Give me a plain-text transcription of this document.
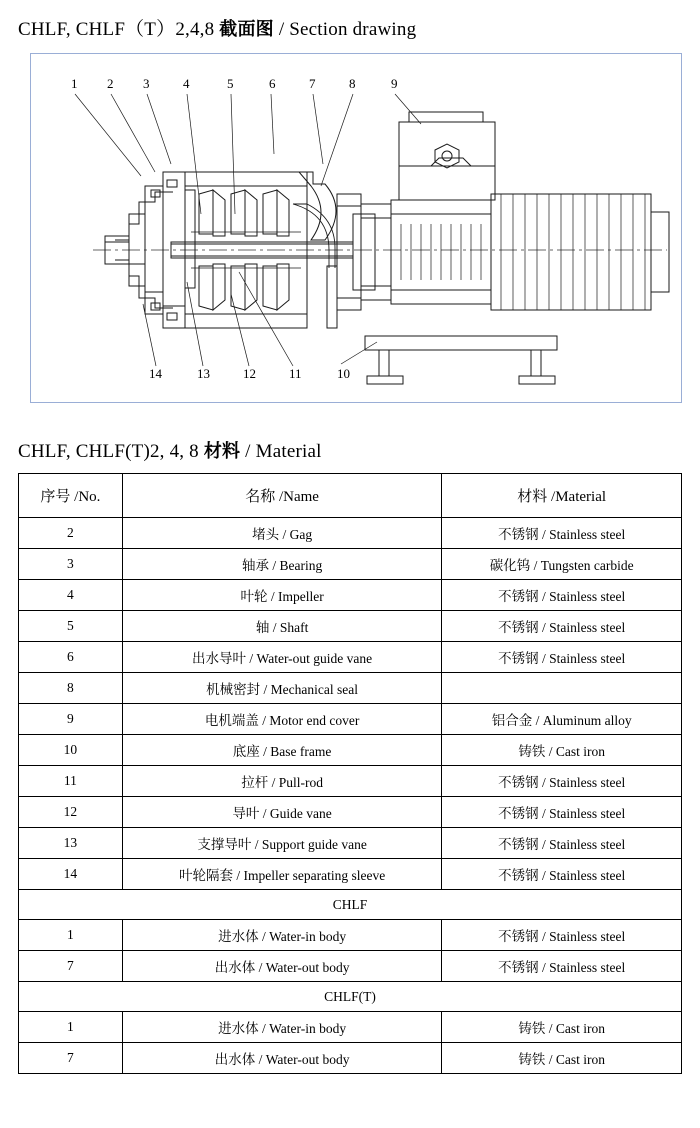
CHLF, CHLF（T）2,4,8 截面图 / Section drawing
1 2 3	4	5	6	7	8	9
14	13	12	11	10
CHLF, CHLF(T)2, 4, 8 材料 / Material
序号 /No.	名称 /Name	材料 /Material
2	堵头 / Gag	不锈钢 / Stainless steel
3	轴承 / Bearing	碳化钨 / Tungsten carbide
4	叶轮 / Impeller	不锈钢 / Stainless steel
5	轴 / Shaft	不锈钢 / Stainless steel
6	出水导叶 / Water-out guide vane	不锈钢 / Stainless steel
8	机械密封 / Mechanical seal	
9	电机端盖 / Motor end cover	铝合金 / Aluminum alloy
10	底座 / Base frame	铸铁 / Cast iron
11	拉杆 / Pull-rod	不锈钢 / Stainless steel
12	导叶 / Guide vane	不锈钢 / Stainless steel
13	支撑导叶 / Support guide vane	不锈钢 / Stainless steel
14	叶轮隔套 / Impeller separating sleeve	不锈钢 / Stainless steel
CHLF		
1	进水体 / Water-in body	不锈钢 / Stainless steel
7	出水体 / Water-out body	不锈钢 / Stainless steel
CHLF(T)		
1	进水体 / Water-in body	铸铁 / Cast iron
7	出水体 / Water-out body	铸铁 / Cast iron
